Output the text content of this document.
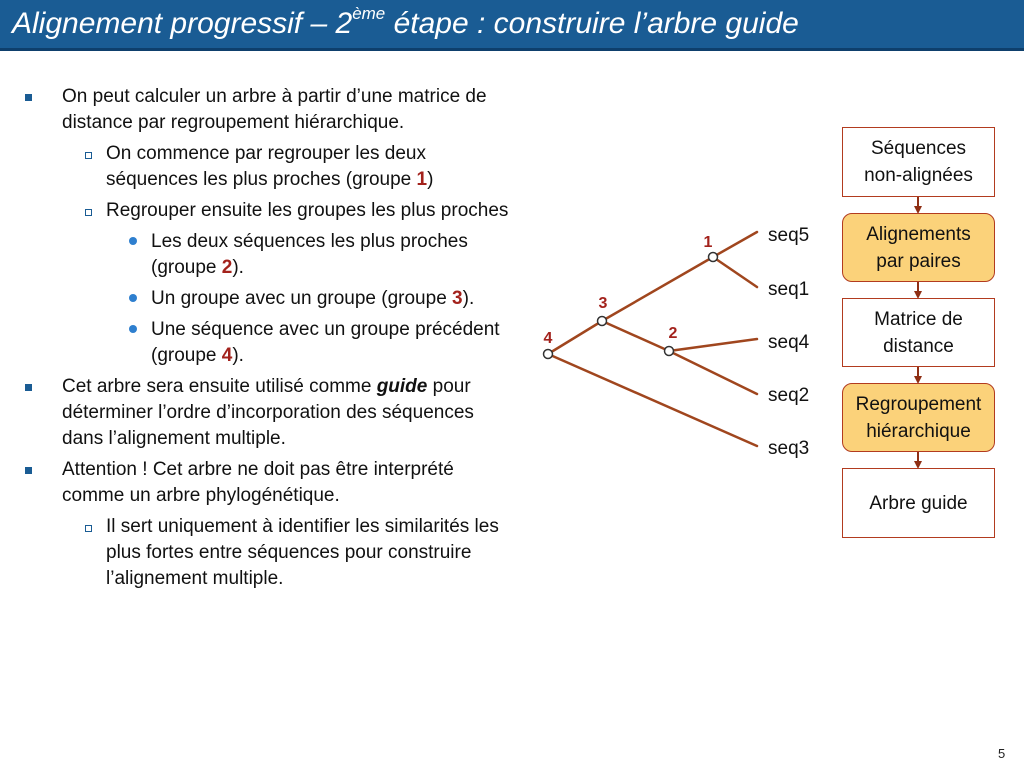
Alignement progressif – 2ème étape : construire l’arbre guide
On peut calculer un arbre à partir d’une matrice de distance par regroupement hiérarchique.
On commence par regrouper les deux séquences les plus proches (groupe 1)
Regrouper ensuite les groupes les plus proches
Les deux séquences les plus proches (groupe 2).
Un groupe avec un groupe (groupe 3).
Une séquence avec un groupe précédent (groupe 4).
Cet arbre sera ensuite utilisé comme guide pour déterminer l’ordre d’incorporation des séquences dans l’alignement multiple.
Attention ! Cet arbre ne doit pas être interprété comme un arbre phylogénétique.
Il sert uniquement à identifier les similarités les plus fortes entre séquences pour construire l’alignement multiple.
1
2
3
4
seq5
seq1
seq4
seq2
seq3
Séquences
non-alignées
Alignements
par paires
Matrice de
distance
Regroupement
hiérarchique
Arbre guide
5
